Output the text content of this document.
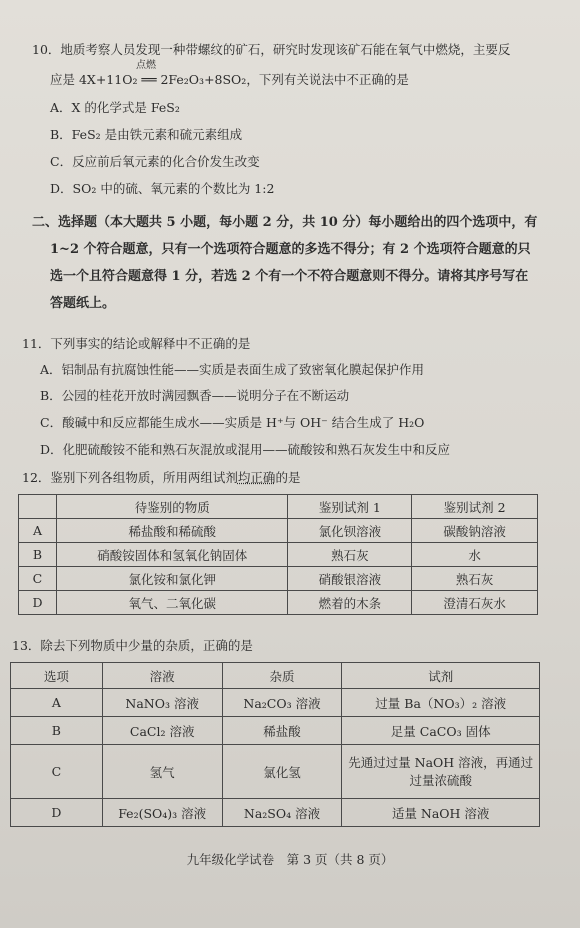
10．地质考察人员发现一种带螺纹的矿石，研究时发现该矿石能在氧气中燃烧，主要反
点燃
应是 4X+11O₂ ══ 2Fe₂O₃+8SO₂，下列有关说法中不正确的是
A．X 的化学式是 FeS₂
B．FeS₂ 是由铁元素和硫元素组成
C．反应前后氧元素的化合价发生改变
D．SO₂ 中的硫、氧元素的个数比为 1:2
二、选择题（本大题共 5 小题，每小题 2 分，共 10 分）每小题给出的四个选项中，有
1~2 个符合题意，只有一个选项符合题意的多选不得分；有 2 个选项符合题意的只
选一个且符合题意得 1 分，若选 2 个有一个不符合题意则不得分。请将其序号写在
答题纸上。
11．下列事实的结论或解释中不正确的是
A．铝制品有抗腐蚀性能——实质是表面生成了致密氧化膜起保护作用
B．公园的桂花开放时满园飘香——说明分子在不断运动
C．酸碱中和反应都能生成水——实质是 H⁺与 OH⁻ 结合生成了 H₂O
D．化肥硫酸铵不能和熟石灰混放或混用——硫酸铵和熟石灰发生中和反应
12．鉴别下列各组物质，所用两组试剂均正确的是
	待鉴别的物质	鉴别试剂 1	鉴别试剂 2
A	稀盐酸和稀硫酸	氯化钡溶液	碳酸钠溶液
B	硝酸铵固体和氢氧化钠固体	熟石灰	水
C	氯化铵和氯化钾	硝酸银溶液	熟石灰
D	氧气、二氧化碳	燃着的木条	澄清石灰水
13．除去下列物质中少量的杂质，正确的是
选项	溶液	杂质	试剂
A	NaNO₃ 溶液	Na₂CO₃ 溶液	过量 Ba（NO₃）₂ 溶液
B	CaCl₂ 溶液	稀盐酸	足量 CaCO₃ 固体
C	氢气	氯化氢	先通过过量 NaOH 溶液，再通过过量浓硫酸
D	Fe₂(SO₄)₃ 溶液	Na₂SO₄ 溶液	适量 NaOH 溶液
九年级化学试卷　第 3 页（共 8 页）
